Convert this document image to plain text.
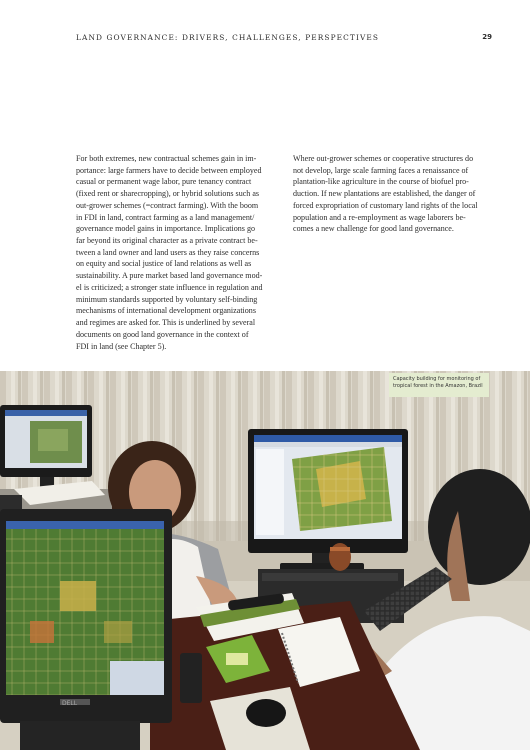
LAND GOVERNANCE: DRIVERS, CHALLENGES, PERSPECTIVES	29
For both extremes, new contractual schemes gain in im-
portance: large farmers have to decide between employed
casual or permanent wage labor, pure tenancy contract
(fixed rent or sharecropping), or hybrid solutions such as
out-grower schemes (=contract farming). With the boom
in FDI in land, contract farming as a land management/
governance model gains in importance. Implications go
far beyond its original character as a private contract be-
tween a land owner and land users as they raise concerns
on equity and social justice of land relations as well as
sustainability. A pure market based land governance mod-
el is criticized; a stronger state influence in regulation and
minimum standards supported by voluntary self-binding
mechanisms of international development organizations
and regimes are asked for. This is underlined by several
documents on good land governance in the context of
FDI in land (see Chapter 5).
Where out-grower schemes or cooperative structures do
not develop, large scale farming faces a renaissance of
plantation-like agriculture in the course of biofuel pro-
duction. If new plantations are established, the danger of
forced expropriation of customary land rights of the local
population and a re-employment as wage laborers be-
comes a new challenge for good land governance.
DELL
Capacity building for monitoring of
tropical forest in the Amazon, Brazil
